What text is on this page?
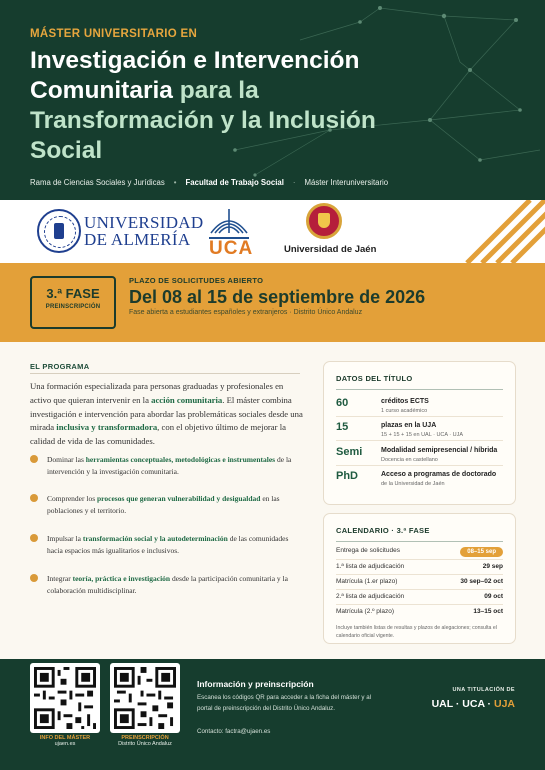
MÁSTER UNIVERSITARIO EN
Investigación e Intervención
Comunitaria para la
Transformación y la Inclusión
Social
Rama de Ciencias Sociales y Jurídicas • Facultad de Trabajo Social · Máster Interuniversitario
UNIVERSIDAD
DE ALMERÍA UCA	Universidad de Jaén
3.ª FASE
PREINSCRIPCIÓN
PLAZO DE SOLICITUDES ABIERTO
Del 08 al 15 de septiembre de 2026
Fase abierta a estudiantes españoles y extranjeros · Distrito Único Andaluz
EL PROGRAMA
Una formación especializada para personas graduadas y profesionales en activo que quieran intervenir en la acción comunitaria. El máster combina investigación e intervención para abordar las problemáticas sociales desde una mirada inclusiva y transformadora, con el objetivo último de mejorar la calidad de vida de las comunidades.
Dominar las herramientas conceptuales, metodológicas e instrumentales de la intervención y la investigación comunitaria.
Comprender los procesos que generan vulnerabilidad y desigualdad en las poblaciones y el territorio.
Impulsar la transformación social y la autodeterminación de las comunidades hacia espacios más igualitarios e inclusivos.
Integrar teoría, práctica e investigación desde la participación comunitaria y la colaboración multidisciplinar.
DATOS DEL TÍTULO
60	créditos ECTS
1 curso académico
15	plazas en la UJA
15 + 15 + 15 en UAL · UCA · UJA
Semi	Modalidad semipresencial / híbrida
Docencia en castellano
PhD	Acceso a programas de doctorado
de la Universidad de Jaén
CALENDARIO · 3.ª FASE
Entrega de solicitudes	08–15 sep
1.ª lista de adjudicación	29 sep
Matrícula (1.er plazo)	30 sep–02 oct
2.ª lista de adjudicación	09 oct
Matrícula (2.º plazo)	13–15 oct
Incluye también listas de resultas y plazos de alegaciones; consulta el calendario oficial vigente.
INFO DEL MÁSTER
ujaen.es
PREINSCRIPCIÓN
Distrito Único Andaluz
Información y preinscripción
Escanea los códigos QR para acceder a la ficha del máster y al portal de preinscripción del Distrito Único Andaluz.
Contacto: factra@ujaen.es
UNA TITULACIÓN DE
UAL · UCA · UJA
